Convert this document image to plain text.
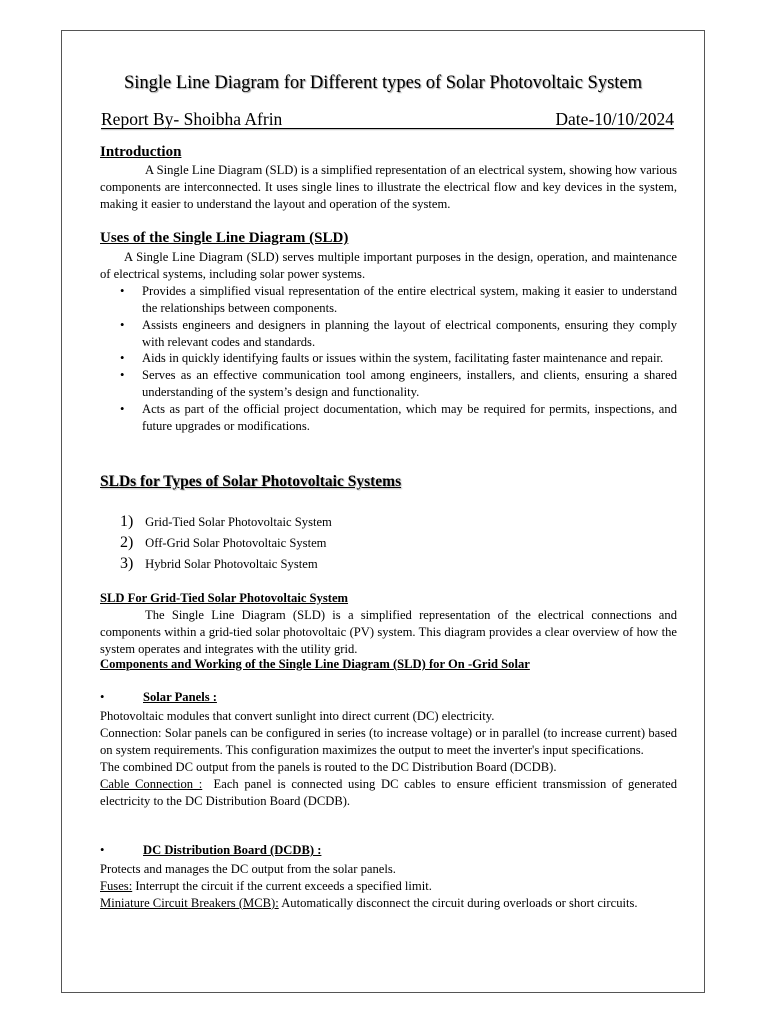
Single Line Diagram for Different types of Solar Photovoltaic System
Report By- Shoibha Afrin	Date-10/10/2024
Introduction

A Single Line Diagram (SLD) is a simplified representation of an electrical system, showing how various components are interconnected. It uses single lines to illustrate the electrical flow and key devices in the system, making it easier to understand the layout and operation of the system.

Uses of the Single Line Diagram (SLD)

A Single Line Diagram (SLD) serves multiple important purposes in the design, operation, and maintenance of electrical systems, including solar power systems.

• Provides a simplified visual representation of the entire electrical system, making it easier to understand the relationships between components.
• Assists engineers and designers in planning the layout of electrical components, ensuring they comply with relevant codes and standards.
• Aids in quickly identifying faults or issues within the system, facilitating faster maintenance and repair.
• Serves as an effective communication tool among engineers, installers, and clients, ensuring a shared understanding of the system’s design and functionality.
• Acts as part of the official project documentation, which may be required for permits, inspections, and future upgrades or modifications.
SLDs for Types of Solar Photovoltaic Systems
1) Grid-Tied Solar Photovoltaic System
2) Off-Grid Solar Photovoltaic System
3) Hybrid Solar Photovoltaic System
SLD For Grid-Tied Solar Photovoltaic System

The Single Line Diagram (SLD) is a simplified representation of the electrical connections and components within a grid-tied solar photovoltaic (PV) system. This diagram provides a clear overview of how the system operates and integrates with the utility grid.

Components and Working of the Single Line Diagram (SLD) for On -Grid Solar
•	Solar Panels :

Photovoltaic modules that convert sunlight into direct current (DC) electricity.

Connection: Solar panels can be configured in series (to increase voltage) or in parallel (to increase current) based on system requirements. This configuration maximizes the output to meet the inverter's input specifications.

The combined DC output from the panels is routed to the DC Distribution Board (DCDB).

Cable Connection :  Each panel is connected using DC cables to ensure efficient transmission of generated electricity to the DC Distribution Board (DCDB).

•	DC Distribution Board (DCDB) :

Protects and manages the DC output from the solar panels.

Fuses: Interrupt the circuit if the current exceeds a specified limit.

Miniature Circuit Breakers (MCB): Automatically disconnect the circuit during overloads or short circuits.
